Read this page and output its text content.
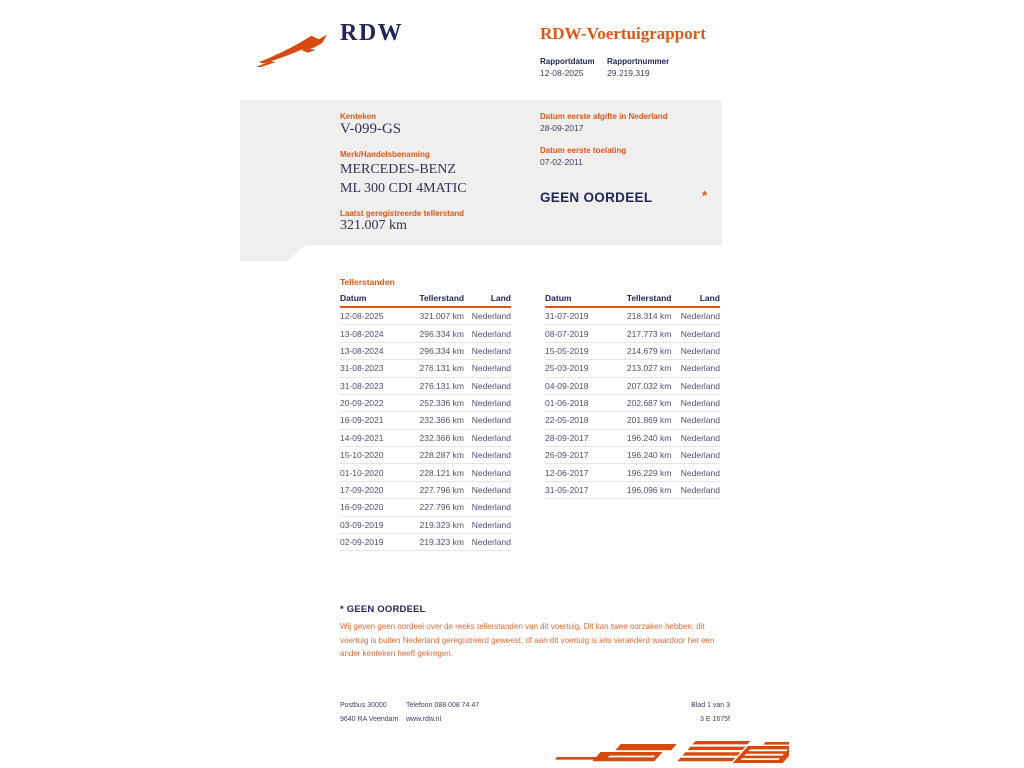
RDW	RDW-Voertuigrapport
Rapportdatum Rapportnummer
12-08-2025	29.219.319
Kenteken
V-099-GS
Merk/Handelsbenaming
MERCEDES-BENZ
ML 300 CDI 4MATIC
Laatst geregistreerde tellerstand
321.007 km
Datum eerste afgifte in Nederland
28-09-2017
Datum eerste toelating
07-02-2011
GEEN OORDEEL	*
Tellerstanden
Datum	Tellerstand	Land
12-08-2025	321.007 km	Nederland
13-08-2024	296.334 km	Nederland
13-08-2024	296.334 km	Nederland
31-08-2023	276.131 km	Nederland
31-08-2023	276.131 km	Nederland
20-09-2022	252.336 km	Nederland
16-09-2021	232.366 km	Nederland
14-09-2021	232.366 km	Nederland
15-10-2020	228.287 km	Nederland
01-10-2020	228.121 km	Nederland
17-09-2020	227.796 km	Nederland
16-09-2020	227.796 km	Nederland
03-09-2019	219.323 km	Nederland
02-09-2019	219.323 km	Nederland
Datum	Tellerstand	Land
31-07-2019	218.314 km	Nederland
08-07-2019	217.773 km	Nederland
15-05-2019	214.679 km	Nederland
25-03-2019	213.027 km	Nederland
04-09-2018	207.032 km	Nederland
01-06-2018	202.687 km	Nederland
22-05-2018	201.869 km	Nederland
28-09-2017	196.240 km	Nederland
26-09-2017	196.240 km	Nederland
12-06-2017	196.229 km	Nederland
31-05-2017	196.096 km	Nederland
* GEEN OORDEEL
Wij geven geen oordeel over de reeks tellerstanden van dit voertuig. Dit kan twee oorzaken hebben: dit voertuig is buiten Nederland geregistreerd geweest, of aan dit voertuig is iets veranderd waardoor het een ander kenteken heeft gekregen.
Postbus 30000
9640 RA Veendam
Telefoon 088 008 74 47
www.rdw.nl
Blad 1 van 3
3 E 1675f
